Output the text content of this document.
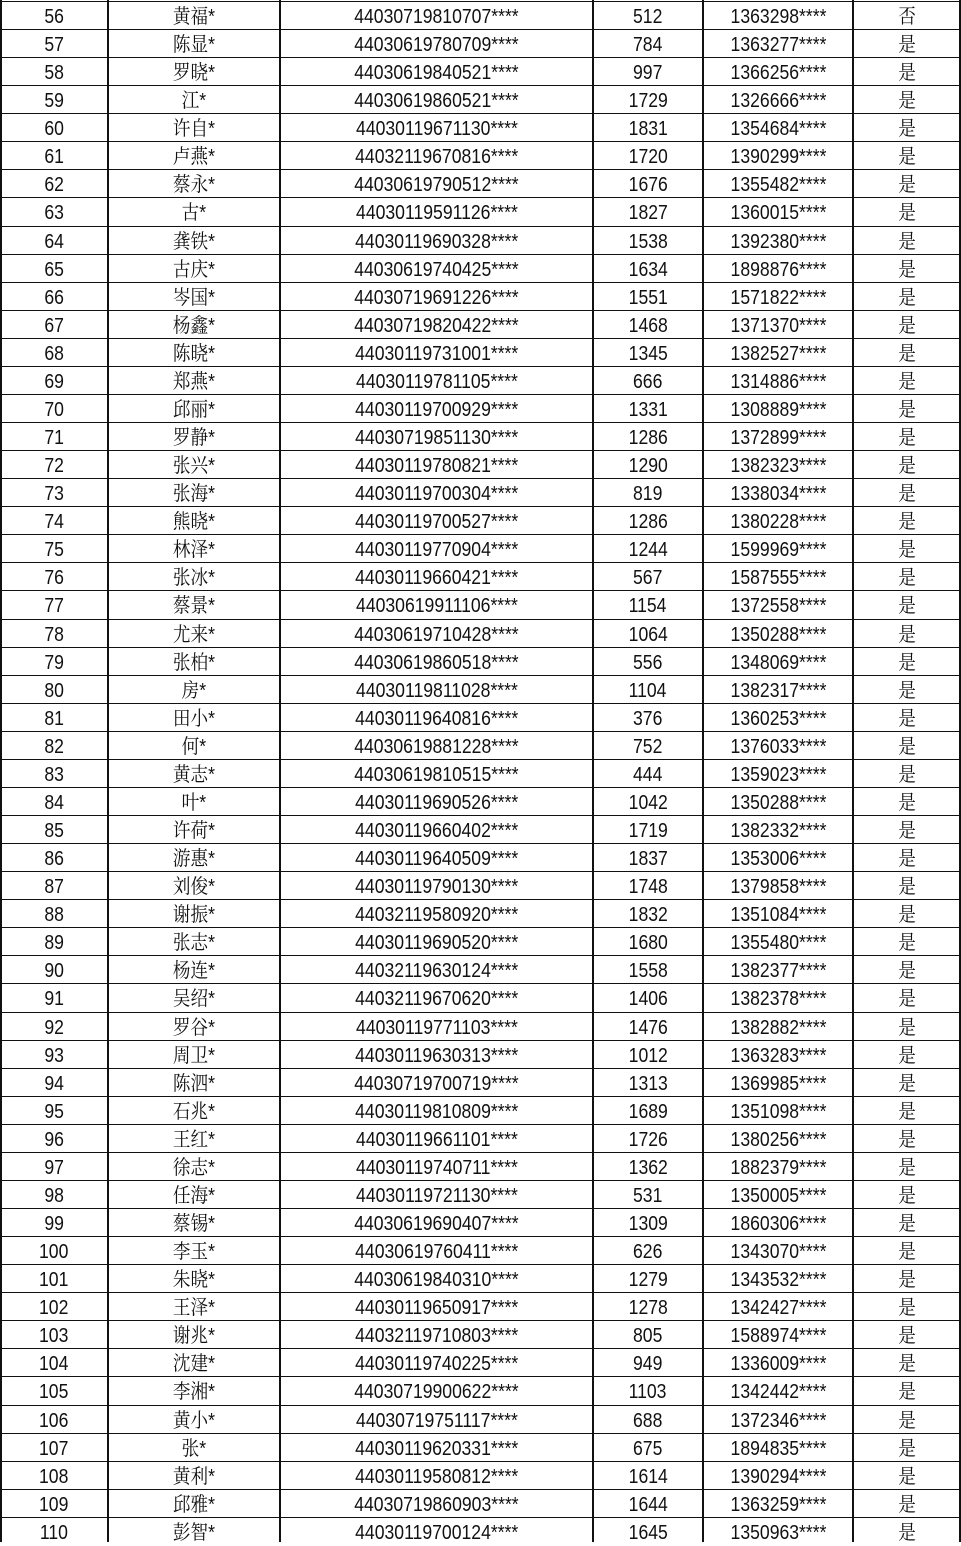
56	黄福*	44030719810707****	512	1363298****	否
57	陈显*	44030619780709****	784	1363277****	是
58	罗晓*	44030619840521****	997	1366256****	是
59	江*	44030619860521****	1729	1326666****	是
60	许自*	44030119671130****	1831	1354684****	是
61	卢燕*	44032119670816****	1720	1390299****	是
62	蔡永*	44030619790512****	1676	1355482****	是
63	古*	44030119591126****	1827	1360015****	是
64	龚铁*	44030119690328****	1538	1392380****	是
65	古庆*	44030619740425****	1634	1898876****	是
66	岑国*	44030719691226****	1551	1571822****	是
67	杨鑫*	44030719820422****	1468	1371370****	是
68	陈晓*	44030119731001****	1345	1382527****	是
69	郑燕*	44030119781105****	666	1314886****	是
70	邱丽*	44030119700929****	1331	1308889****	是
71	罗静*	44030719851130****	1286	1372899****	是
72	张兴*	44030119780821****	1290	1382323****	是
73	张海*	44030119700304****	819	1338034****	是
74	熊晓*	44030119700527****	1286	1380228****	是
75	林泽*	44030119770904****	1244	1599969****	是
76	张冰*	44030119660421****	567	1587555****	是
77	蔡景*	44030619911106****	1154	1372558****	是
78	尤来*	44030619710428****	1064	1350288****	是
79	张柏*	44030619860518****	556	1348069****	是
80	房*	44030119811028****	1104	1382317****	是
81	田小*	44030119640816****	376	1360253****	是
82	何*	44030619881228****	752	1376033****	是
83	黄志*	44030619810515****	444	1359023****	是
84	叶*	44030119690526****	1042	1350288****	是
85	许荷*	44030119660402****	1719	1382332****	是
86	游惠*	44030119640509****	1837	1353006****	是
87	刘俊*	44030119790130****	1748	1379858****	是
88	谢振*	44032119580920****	1832	1351084****	是
89	张志*	44030119690520****	1680	1355480****	是
90	杨连*	44032119630124****	1558	1382377****	是
91	吴绍*	44032119670620****	1406	1382378****	是
92	罗谷*	44030119771103****	1476	1382882****	是
93	周卫*	44030119630313****	1012	1363283****	是
94	陈泗*	44030719700719****	1313	1369985****	是
95	石兆*	44030119810809****	1689	1351098****	是
96	王红*	44030119661101****	1726	1380256****	是
97	徐志*	44030119740711****	1362	1882379****	是
98	任海*	44030119721130****	531	1350005****	是
99	蔡锡*	44030619690407****	1309	1860306****	是
100	李玉*	44030619760411****	626	1343070****	是
101	朱晓*	44030619840310****	1279	1343532****	是
102	王泽*	44030119650917****	1278	1342427****	是
103	谢兆*	44032119710803****	805	1588974****	是
104	沈建*	44030119740225****	949	1336009****	是
105	李湘*	44030719900622****	1103	1342442****	是
106	黄小*	44030719751117****	688	1372346****	是
107	张*	44030119620331****	675	1894835****	是
108	黄利*	44030119580812****	1614	1390294****	是
109	邱雅*	44030719860903****	1644	1363259****	是
110	彭智*	44030119700124****	1645	1350963****	是
